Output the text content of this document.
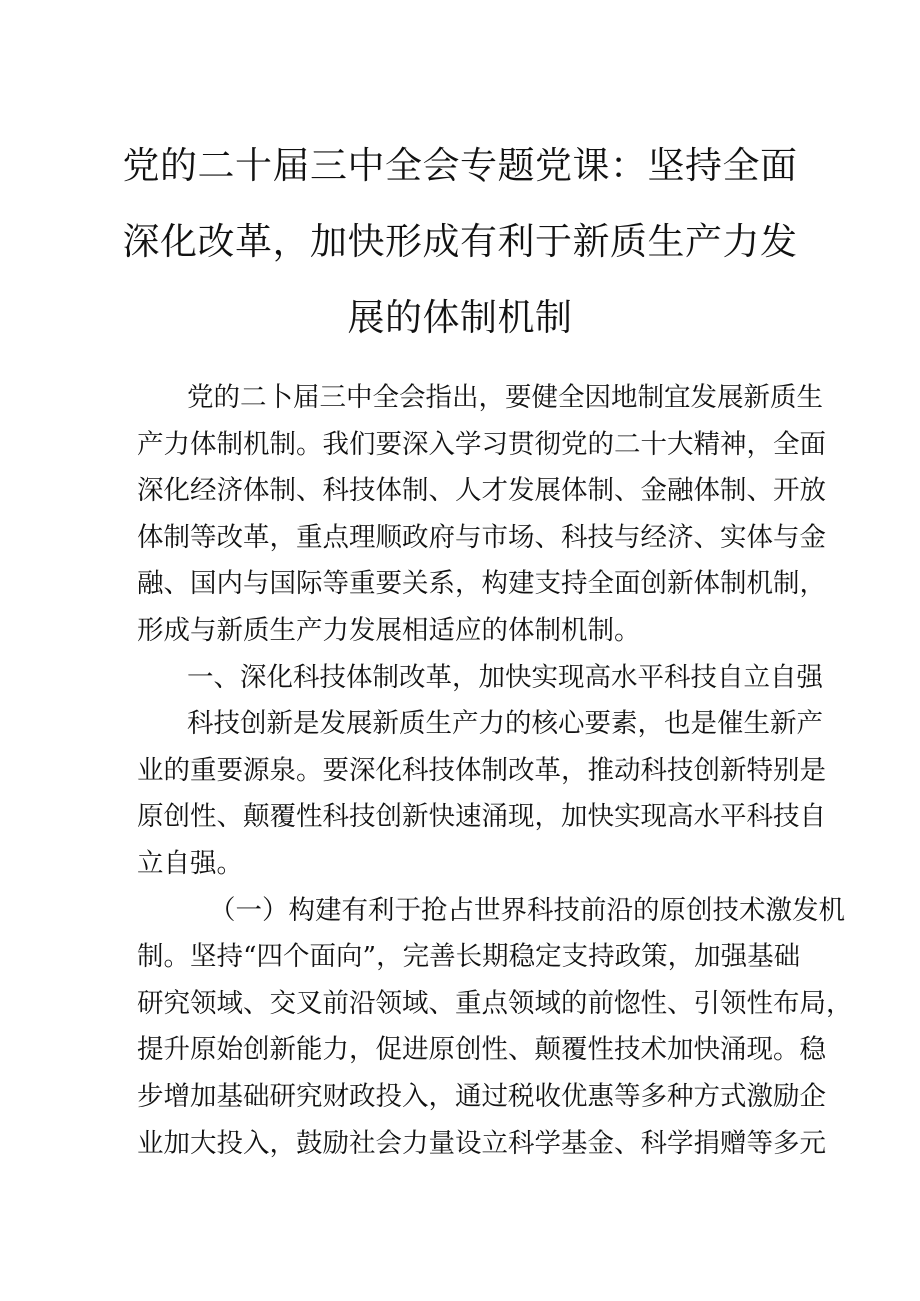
党的二十届三中全会专题党课：坚持全面
深化改革，加快形成有利于新质生产力发
展的体制机制
党的二卜届三中全会指出，要健全因地制宜发展新质生
产力体制机制。我们要深入学习贯彻党的二十大精神，全面
深化经济体制、科技体制、人才发展体制、金融体制、开放
体制等改革，重点理顺政府与市场、科技与经济、实体与金
融、国内与国际等重要关系，构建支持全面创新体制机制，
形成与新质生产力发展相适应的体制机制。
一、深化科技体制改革，加快实现高水平科技自立自强
科技创新是发展新质生产力的核心要素，也是催生新产
业的重要源泉。要深化科技体制改革，推动科技创新特别是
原创性、颠覆性科技创新快速涌现，加快实现高水平科技自
立自强。
（一）构建有利于抢占世界科技前沿的原创技术激发机
制。坚持“四个面向”，完善长期稳定支持政策，加强基础
研究领域、交叉前沿领域、重点领域的前惚性、引领性布局，
提升原始创新能力，促进原创性、颠覆性技术加快涌现。稳
步增加基础研究财政投入，通过税收优惠等多种方式激励企
业加大投入，鼓励社会力量设立科学基金、科学捐赠等多元
